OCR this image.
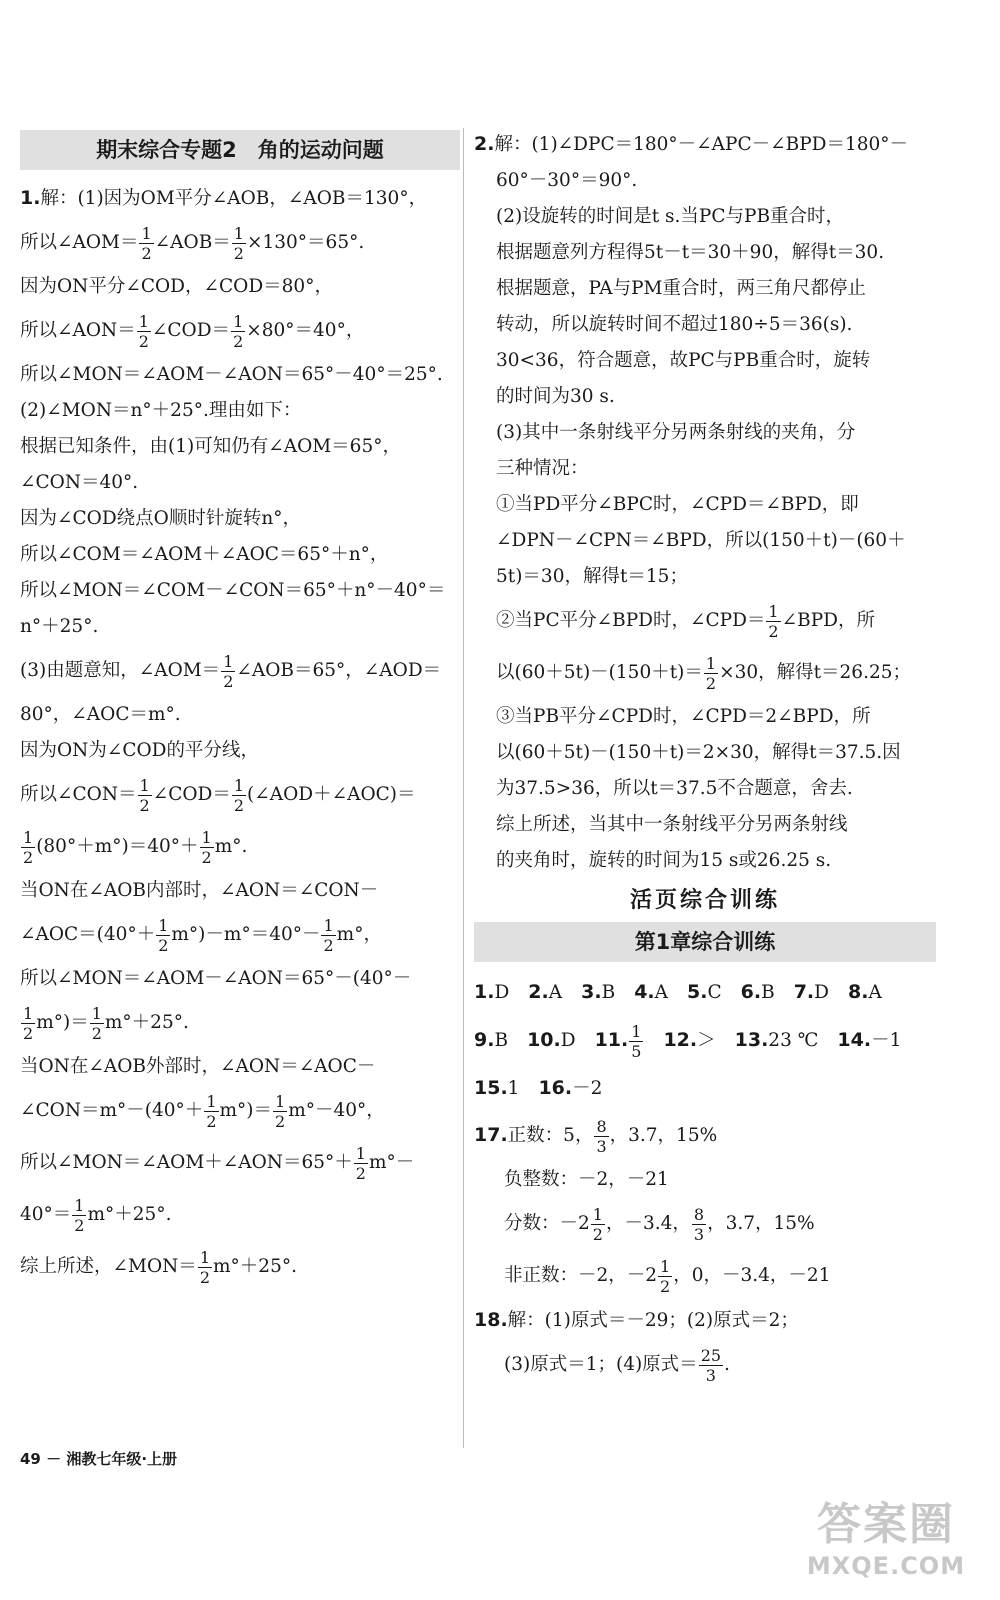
期末综合专题2　角的运动问题
1.解：(1)因为OM平分∠AOB，∠AOB＝130°，
所以∠AOM＝ $\frac{1}{2}$ ∠AOB＝ $\frac{1}{2} \times 130^\circ=65^\circ$.
因为ON平分∠COD，∠COD＝80°，
所以∠AON＝ $\frac{1}{2}$ ∠COD＝ $\frac{1}{2} \times 80^\circ=40^\circ$，
所以∠MON＝∠AOM－∠AON＝65°－40°＝25°.
(2)∠MON＝n°＋25°.理由如下：
根据已知条件，由(1)可知仍有∠AOM＝65°，
∠CON＝40°.
因为∠COD绕点O顺时针旋转n°，
所以∠COM＝∠AOM＋∠AOC＝65°＋n°，
所以∠MON＝∠COM－∠CON＝65°＋n°－40°＝
n°＋25°.
(3)由题意知，∠AOM＝ $\frac{1}{2}$ ∠AOB＝65°，∠AOD＝
80°，∠AOC＝m°.
因为ON为∠COD的平分线，
所以∠CON＝ $\frac{1}{2}$ ∠COD＝ $\frac{1}{2}$ (∠AOD＋∠AOC)＝
$\frac{1}{2} (80^\circ+m^\circ)=40^\circ+ \frac{1}{2} m^\circ$.
当ON在∠AOB内部时，∠AON＝∠CON－
∠AOC＝(40°＋ $\frac{1}{2} m^\circ)-m^\circ=40^\circ- \frac{1}{2} m^\circ$，
所以∠MON＝∠AOM－∠AON＝65°－(40°－
$\frac{1}{2} m^\circ)= \frac{1}{2} m^\circ+25^\circ$.
当ON在∠AOB外部时，∠AON＝∠AOC－
∠CON＝m°－(40°＋ $\frac{1}{2} m^\circ)= \frac{1}{2} m^\circ-40^\circ$，
所以∠MON＝∠AOM＋∠AON＝65°＋ $\frac{1}{2} m^\circ-$
$40^\circ= \frac{1}{2} m^\circ+25^\circ$.
综上所述，∠MON＝ $\frac{1}{2} m^\circ+25^\circ$.
2.解：(1)∠DPC＝180°－∠APC－∠BPD＝180°－
60°－30°＝90°.
(2)设旋转的时间是t s.当PC与PB重合时，
根据题意列方程得5t－t＝30＋90，解得t＝30.
根据题意，PA与PM重合时，两三角尺都停止
转动，所以旋转时间不超过180÷5＝36(s).
30<36，符合题意，故PC与PB重合时，旋转
的时间为30 s.
(3)其中一条射线平分另两条射线的夹角，分
三种情况：
①当PD平分∠BPC时，∠CPD＝∠BPD，即
∠DPN－∠CPN＝∠BPD，所以(150＋t)－(60＋
5t)＝30，解得t＝15；
②当PC平分∠BPD时，∠CPD＝ $\frac{1}{2}$ ∠BPD，所
以$(60+5t)-(150+t)= \frac{1}{2} \times 30$，解得t＝26.25；
③当PB平分∠CPD时，∠CPD＝2∠BPD，所
以(60＋5t)－(150＋t)＝2×30，解得t＝37.5.因
为37.5>36，所以t＝37.5不合题意，舍去.
综上所述，当其中一条射线平分另两条射线
的夹角时，旋转的时间为15 s或26.25 s.
活页综合训练
第1章综合训练
1.D 2.A 3.B 4.A 5.C 6.B 7.D 8.A
9.B 10.D 11. $\frac{1}{5} 12.> 13.23$ ℃ 14.－1
15.1 16.－2
17.正数：5， $\frac{8}{3}$ ，3.7，15%
负整数：－2，－21
分数：$-2 \frac{1}{2}$ ，－3.4， $\frac{8}{3}$ ，3.7，15%
非正数：－2，$-2 \frac{1}{2}$ ，0，－3.4，－21
18.解：(1)原式＝－29；(2)原式＝2；
(3)原式＝1；(4)原式＝ $\frac{25}{3}$ .
49 － 湘教七年级·上册
答案圈
MXQE.COM
